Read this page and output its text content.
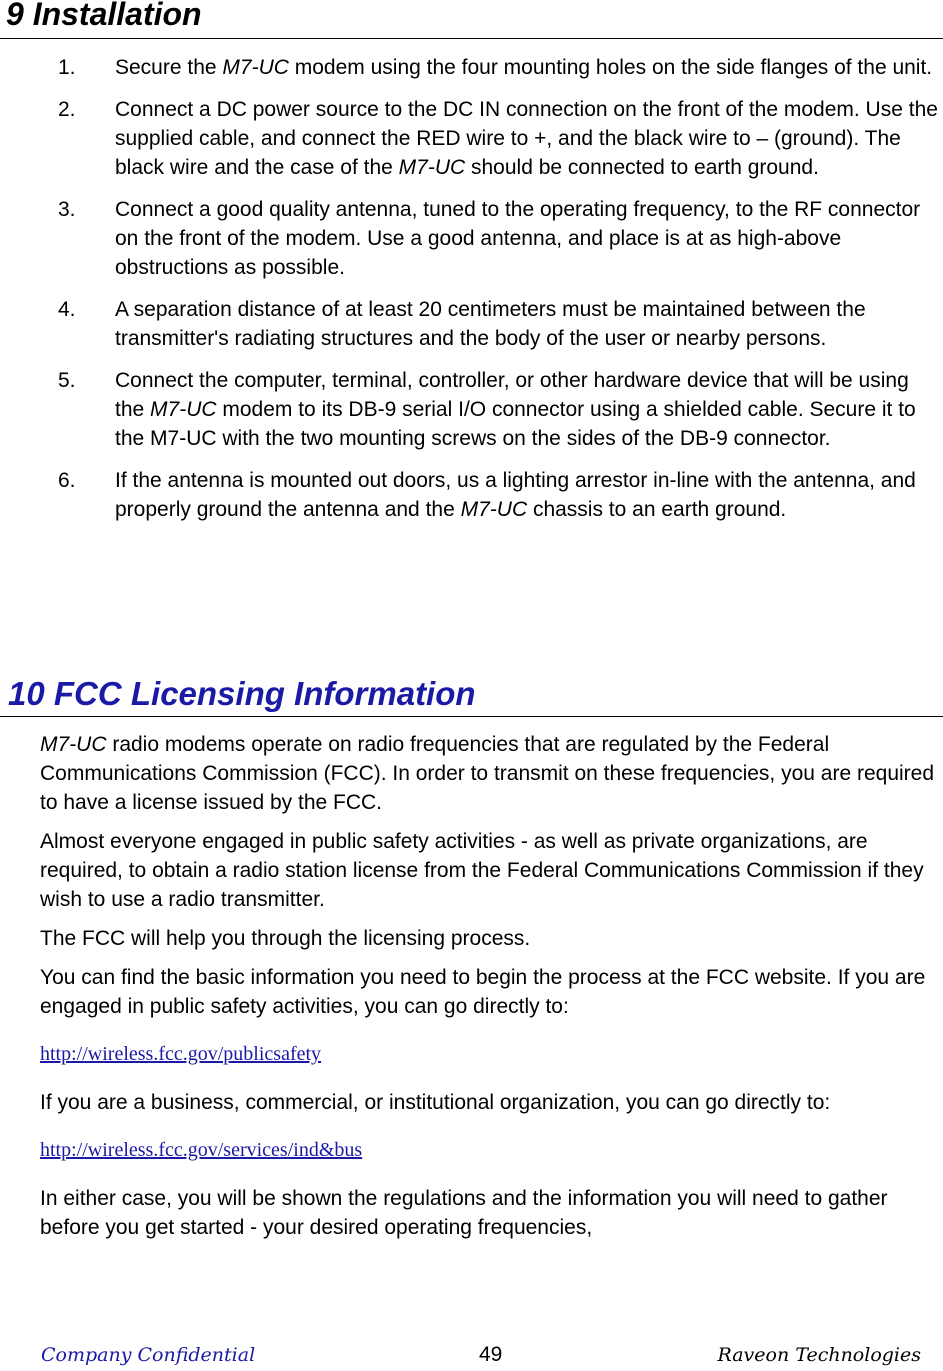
9 Installation
1.	Secure the M7-UC modem using the four mounting holes on the side flanges of the unit.
2.	Connect a DC power source to the DC IN connection on the front of the modem. Use the supplied cable, and connect the RED wire to +, and the black wire to – (ground). The black wire and the case of the M7-UC should be connected to earth ground.
3.	Connect a good quality antenna, tuned to the operating frequency, to the RF connector on the front of the modem. Use a good antenna, and place is at as high-above obstructions as possible.
4.	A separation distance of at least 20 centimeters must be maintained between the transmitter's radiating structures and the body of the user or nearby persons.
5.	Connect the computer, terminal, controller, or other hardware device that will be using the M7-UC modem to its DB-9 serial I/O connector using a shielded cable. Secure it to the M7-UC with the two mounting screws on the sides of the DB-9 connector.
6.	If the antenna is mounted out doors, us a lighting arrestor in-line with the antenna, and properly ground the antenna and the M7-UC chassis to an earth ground.
10 FCC Licensing Information

M7-UC radio modems operate on radio frequencies that are regulated by the Federal Communications Commission (FCC). In order to transmit on these frequencies, you are required to have a license issued by the FCC.

Almost everyone engaged in public safety activities - as well as private organizations, are required, to obtain a radio station license from the Federal Communications Commission if they wish to use a radio transmitter.

The FCC will help you through the licensing process.

You can find the basic information you need to begin the process at the FCC website. If you are engaged in public safety activities, you can go directly to:

http://wireless.fcc.gov/publicsafety

If you are a business, commercial, or institutional organization, you can go directly to:

http://wireless.fcc.gov/services/ind&bus

In either case, you will be shown the regulations and the information you will need to gather before you get started - your desired operating frequencies,

Company Confidential	49	Raveon Technologies
